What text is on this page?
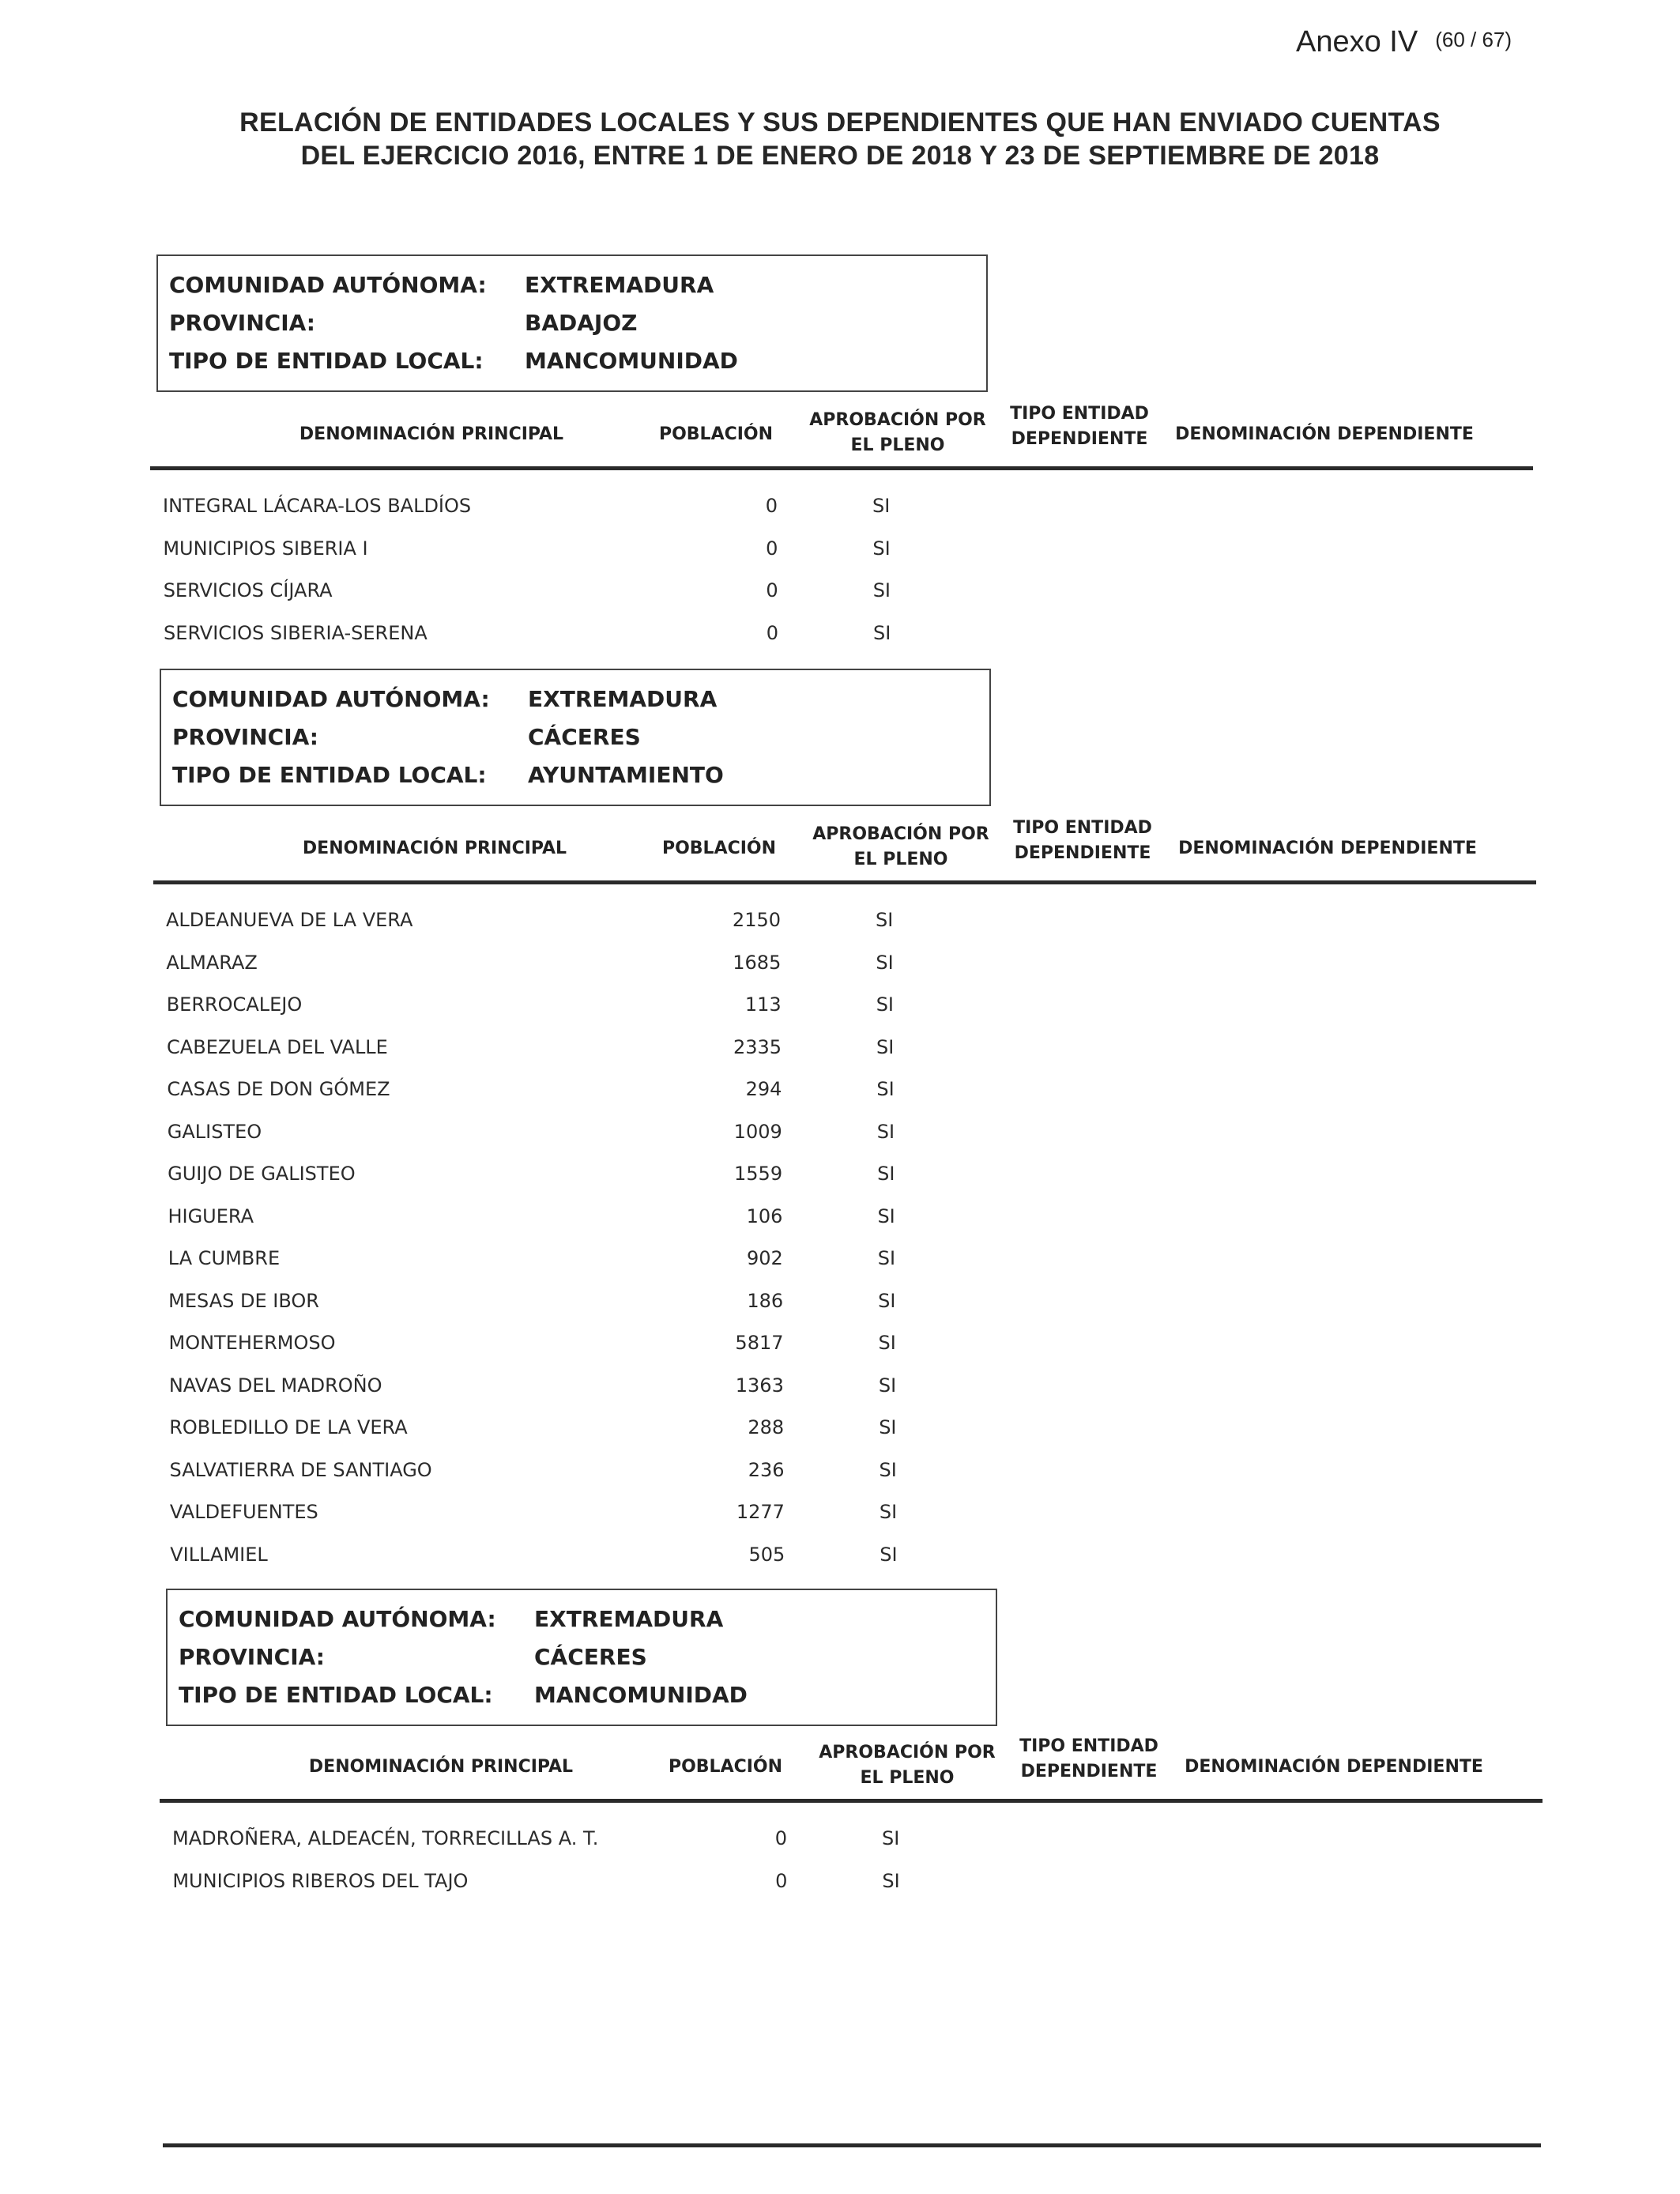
Anexo IV (60 / 67)
RELACIÓN DE ENTIDADES LOCALES Y SUS DEPENDIENTES QUE HAN ENVIADO CUENTAS
DEL EJERCICIO 2016, ENTRE 1 DE ENERO DE 2018 Y 23 DE SEPTIEMBRE DE 2018
COMUNIDAD AUTÓNOMA: EXTREMADURA
PROVINCIA:	BADAJOZ
TIPO DE ENTIDAD LOCAL: MANCOMUNIDAD
DENOMINACIÓN PRINCIPAL	POBLACIÓN
APROBACIÓN POR
EL PLENO
TIPO ENTIDAD
DEPENDIENTE	DENOMINACIÓN DEPENDIENTE
INTEGRAL LÁCARA-LOS BALDÍOS	0	SI
MUNICIPIOS SIBERIA I	0	SI
SERVICIOS CÍJARA	0	SI
SERVICIOS SIBERIA-SERENA	0	SI
COMUNIDAD AUTÓNOMA: EXTREMADURA
PROVINCIA:	CÁCERES
TIPO DE ENTIDAD LOCAL: AYUNTAMIENTO
DENOMINACIÓN PRINCIPAL	POBLACIÓN
APROBACIÓN POR
EL PLENO
TIPO ENTIDAD
DEPENDIENTE	DENOMINACIÓN DEPENDIENTE
ALDEANUEVA DE LA VERA	2150	SI
ALMARAZ	1685	SI
BERROCALEJO	113	SI
CABEZUELA DEL VALLE	2335	SI
CASAS DE DON GÓMEZ	294	SI
GALISTEO	1009	SI
GUIJO DE GALISTEO	1559	SI
HIGUERA	106	SI
LA CUMBRE	902	SI
MESAS DE IBOR	186	SI
MONTEHERMOSO	5817	SI
NAVAS DEL MADROÑO	1363	SI
ROBLEDILLO DE LA VERA	288	SI
SALVATIERRA DE SANTIAGO	236	SI
VALDEFUENTES	1277	SI
VILLAMIEL	505	SI
COMUNIDAD AUTÓNOMA: EXTREMADURA
PROVINCIA:	CÁCERES
TIPO DE ENTIDAD LOCAL: MANCOMUNIDAD
DENOMINACIÓN PRINCIPAL	POBLACIÓN
APROBACIÓN POR
EL PLENO
TIPO ENTIDAD
DEPENDIENTE	DENOMINACIÓN DEPENDIENTE
MADROÑERA, ALDEACÉN, TORRECILLAS A. T.	0	SI
MUNICIPIOS RIBEROS DEL TAJO	0	SI
